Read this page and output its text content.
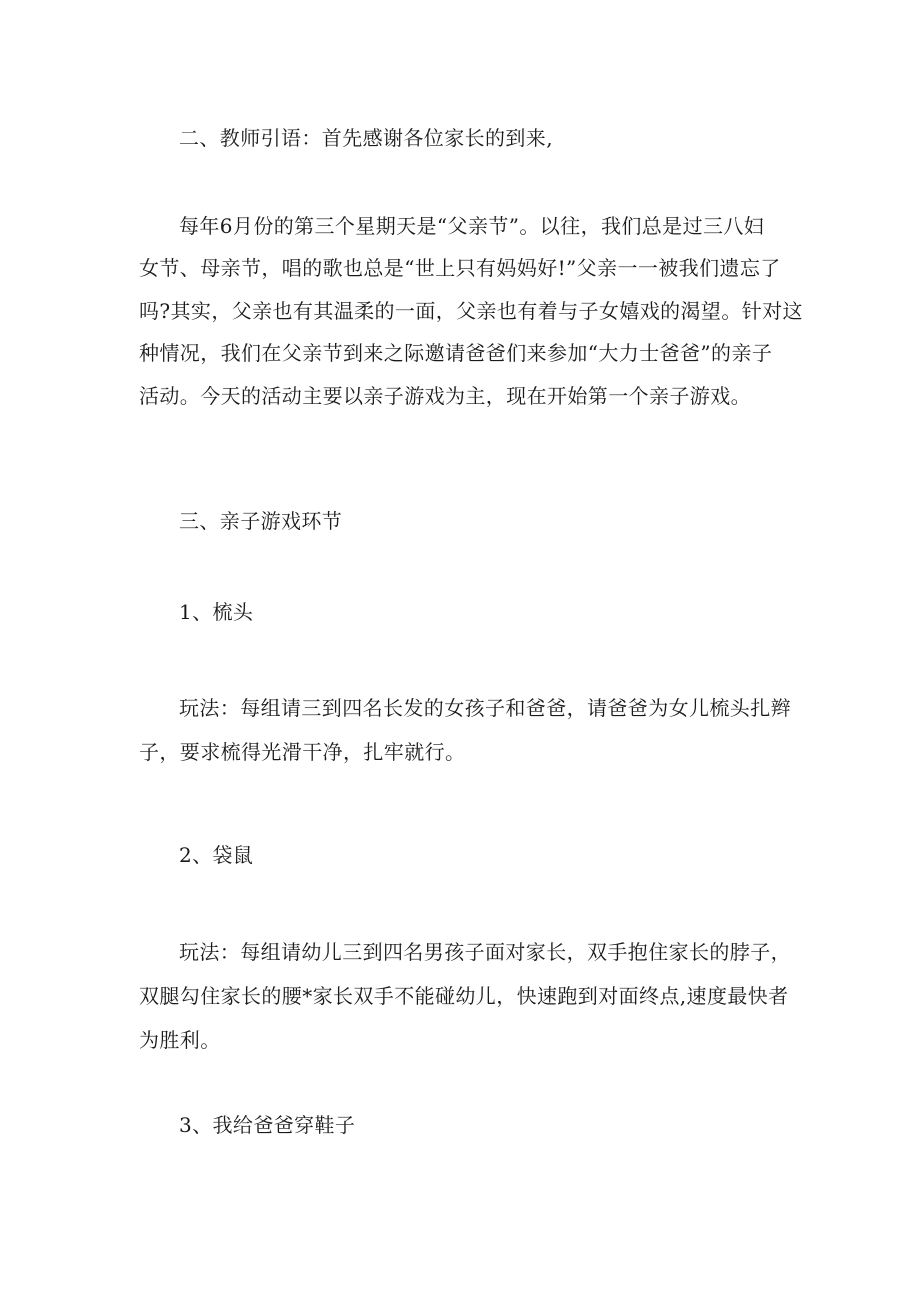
二、教师引语：首先感谢各位家长的到来,
每年6月份的第三个星期天是“父亲节”。以往，我们总是过三八妇
女节、母亲节，唱的歌也总是“世上只有妈妈好!”父亲一一被我们遗忘了
吗?其实，父亲也有其温柔的一面，父亲也有着与子女嬉戏的渴望。针对这
种情况，我们在父亲节到来之际邀请爸爸们来参加“大力士爸爸”的亲子
活动。今天的活动主要以亲子游戏为主，现在开始第一个亲子游戏。
三、亲子游戏环节
1、梳头
玩法：每组请三到四名长发的女孩子和爸爸，请爸爸为女儿梳头扎辫
子，要求梳得光滑干净，扎牢就行。
2、袋鼠
玩法：每组请幼儿三到四名男孩子面对家长，双手抱住家长的脖子，
双腿勾住家长的腰*家长双手不能碰幼儿，快速跑到对面终点,速度最快者
为胜利。
3、我给爸爸穿鞋子
